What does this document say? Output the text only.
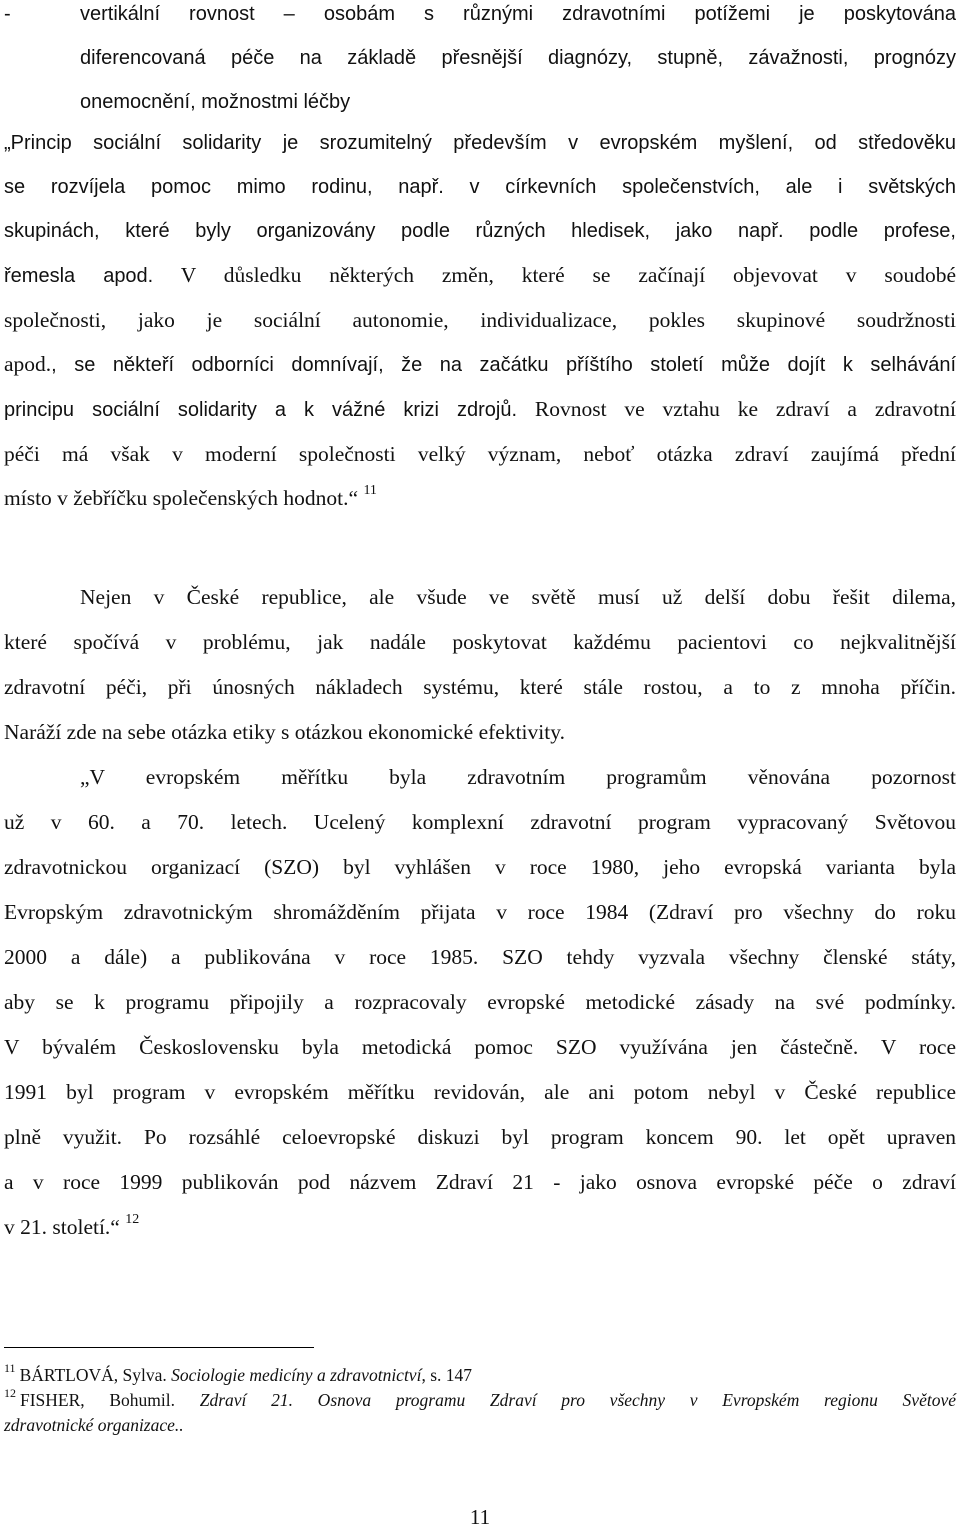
-	vertikální rovnost – osobám s různými zdravotními potížemi je poskytována
diferencovaná péče na základě přesnější diagnózy, stupně, závažnosti, prognózy
onemocnění, možnostmi léčby
„Princip sociální solidarity je srozumitelný především v evropském myšlení, od středověku
se rozvíjela pomoc mimo rodinu, např. v církevních společenstvích, ale i světských
skupinách, které byly organizovány podle různých hledisek, jako např. podle profese,
řemesla apod. V důsledku některých změn, které se začínají objevovat v soudobé
společnosti, jako je sociální autonomie, individualizace, pokles skupinové soudržnosti
apod., se někteří odborníci domnívají, že na začátku příštího století může dojít k selhávání
principu sociální solidarity a k vážné krizi zdrojů. Rovnost ve vztahu ke zdraví a zdravotní
péči má však v moderní společnosti velký význam, neboť otázka zdraví zaujímá přední
místo v žebříčku společenských hodnot.“ $^{11}$
Nejen v České republice, ale všude ve světě musí už delší dobu řešit dilema,
které spočívá v problému, jak nadále poskytovat každému pacientovi co nejkvalitnější
zdravotní péči, při únosných nákladech systému, které stále rostou, a to z mnoha příčin.
Naráží zde na sebe otázka etiky s otázkou ekonomické efektivity.
„V evropském měřítku byla zdravotním programům věnována pozornost
už v 60. a 70. letech. Ucelený komplexní zdravotní program vypracovaný Světovou
zdravotnickou organizací (SZO) byl vyhlášen v roce 1980, jeho evropská varianta byla
Evropským zdravotnickým shromážděním přijata v roce 1984 (Zdraví pro všechny do roku
2000 a dále) a publikována v roce 1985. SZO tehdy vyzvala všechny členské státy,
aby se k programu připojily a rozpracovaly evropské metodické zásady na své podmínky.
V bývalém Československu byla metodická pomoc SZO využívána jen částečně. V roce
1991 byl program v evropském měřítku revidován, ale ani potom nebyl v České republice
plně využit. Po rozsáhlé celoevropské diskuzi byl program koncem 90. let opět upraven
a v roce 1999 publikován pod názvem Zdraví 21 - jako osnova evropské péče o zdraví
v 21. století.“ $^{12}$
$^{11}$ BÁRTLOVÁ, Sylva. Sociologie medicíny a zdravotnictví, s. 147
$^{12}$ FISHER, Bohumil. Zdraví 21. Osnova programu Zdraví pro všechny v Evropském regionu Světové
zdravotnické organizace..
11
